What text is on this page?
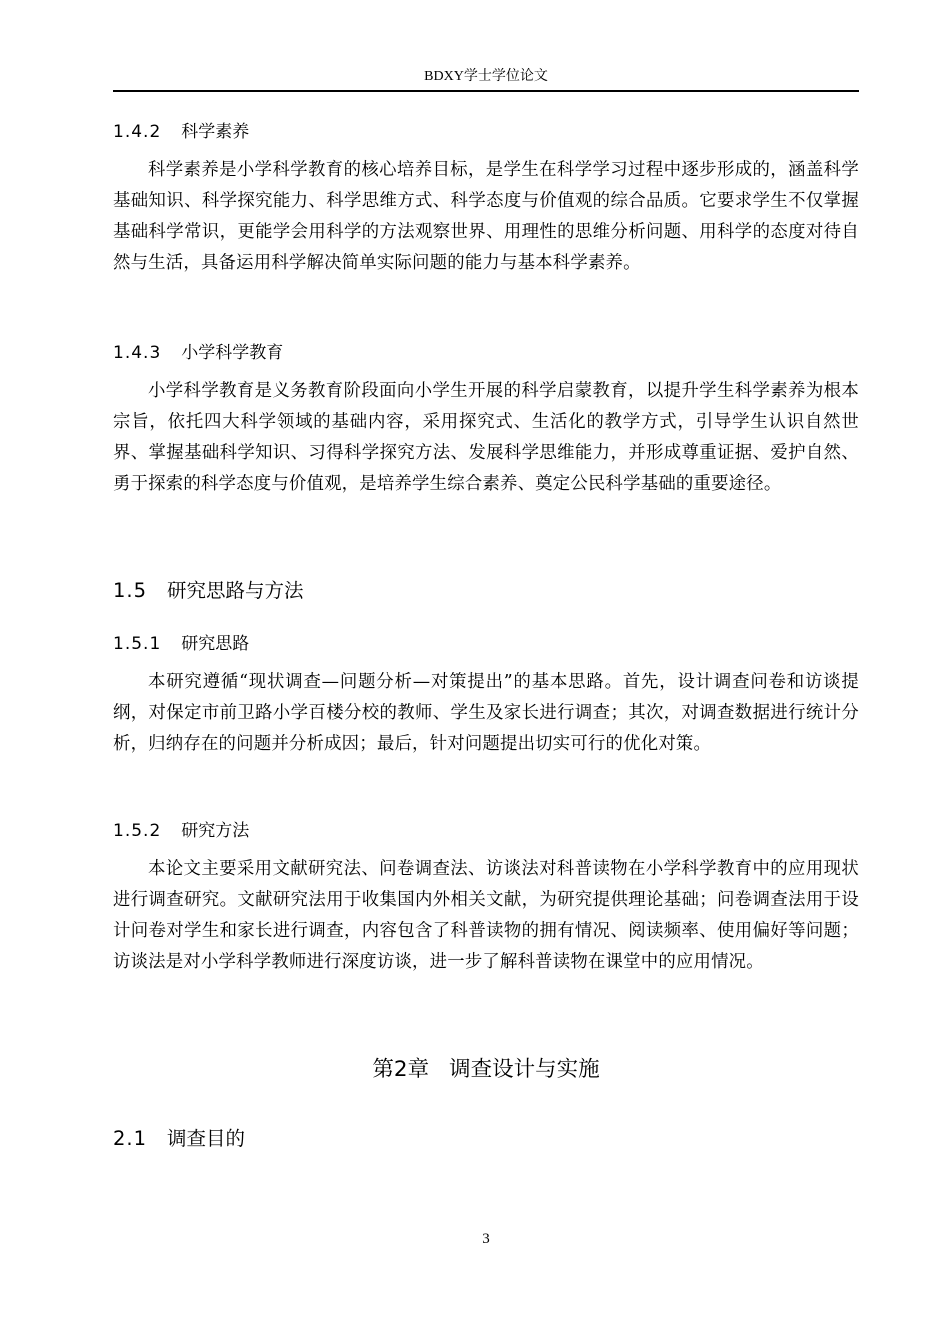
BDXY学士学位论文
1.4.2 科学素养

科学素养是小学科学教育的核心培养目标，是学生在科学学习过程中逐步形成的，涵盖科学基础知识、科学探究能力、科学思维方式、科学态度与价值观的综合品质。它要求学生不仅掌握基础科学常识，更能学会用科学的方法观察世界、用理性的思维分析问题、用科学的态度对待自然与生活，具备运用科学解决简单实际问题的能力与基本科学素养。

1.4.3 小学科学教育

小学科学教育是义务教育阶段面向小学生开展的科学启蒙教育，以提升学生科学素养为根本宗旨，依托四大科学领域的基础内容，采用探究式、生活化的教学方式，引导学生认识自然世界、掌握基础科学知识、习得科学探究方法、发展科学思维能力，并形成尊重证据、爱护自然、勇于探索的科学态度与价值观，是培养学生综合素养、奠定公民科学基础的重要途径。

1.5 研究思路与方法
1.5.1 研究思路

本研究遵循“现状调查—问题分析—对策提出”的基本思路。首先，设计调查问卷和访谈提纲，对保定市前卫路小学百楼分校的教师、学生及家长进行调查；其次，对调查数据进行统计分析，归纳存在的问题并分析成因；最后，针对问题提出切实可行的优化对策。

1.5.2 研究方法

本论文主要采用文献研究法、问卷调查法、访谈法对科普读物在小学科学教育中的应用现状进行调查研究。文献研究法用于收集国内外相关文献，为研究提供理论基础；问卷调查法用于设计问卷对学生和家长进行调查，内容包含了科普读物的拥有情况、阅读频率、使用偏好等问题；访谈法是对小学科学教师进行深度访谈，进一步了解科普读物在课堂中的应用情况。

第2章 调查设计与实施
2.1 调查目的
3
